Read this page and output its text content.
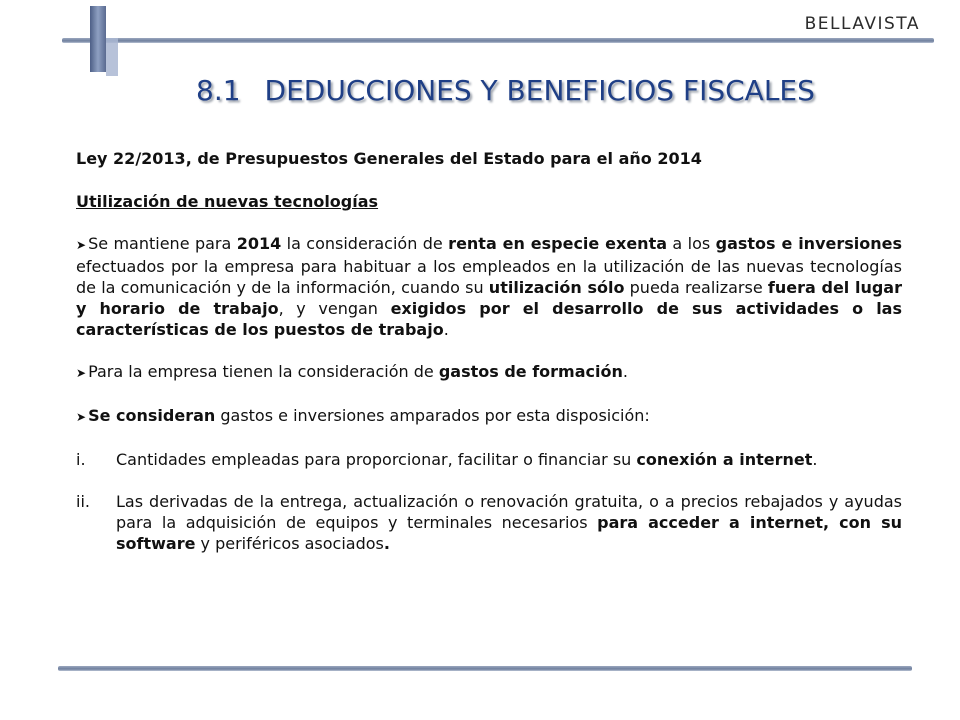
BELLAVISTA
8.1 DEDUCCIONES Y BENEFICIOS FISCALES

Ley 22/2013, de Presupuestos Generales del Estado para el año 2014

Utilización de nuevas tecnologías

➤ Se mantiene para 2014 la consideración de renta en especie exenta a los gastos e inversiones efectuados por la empresa para habituar a los empleados en la utilización de las nuevas tecnologías de la comunicación y de la información, cuando su utilización sólo pueda realizarse fuera del lugar y horario de trabajo, y vengan exigidos por el desarrollo de sus actividades o las características de los puestos de trabajo.

➤ Para la empresa tienen la consideración de gastos de formación.

➤ Se consideran gastos e inversiones amparados por esta disposición:

i.	Cantidades empleadas para proporcionar, facilitar o financiar su conexión a internet.
ii.	Las derivadas de la entrega, actualización o renovación gratuita, o a precios rebajados y ayudas para la adquisición de equipos y terminales necesarios para acceder a internet, con su software y periféricos asociados.
